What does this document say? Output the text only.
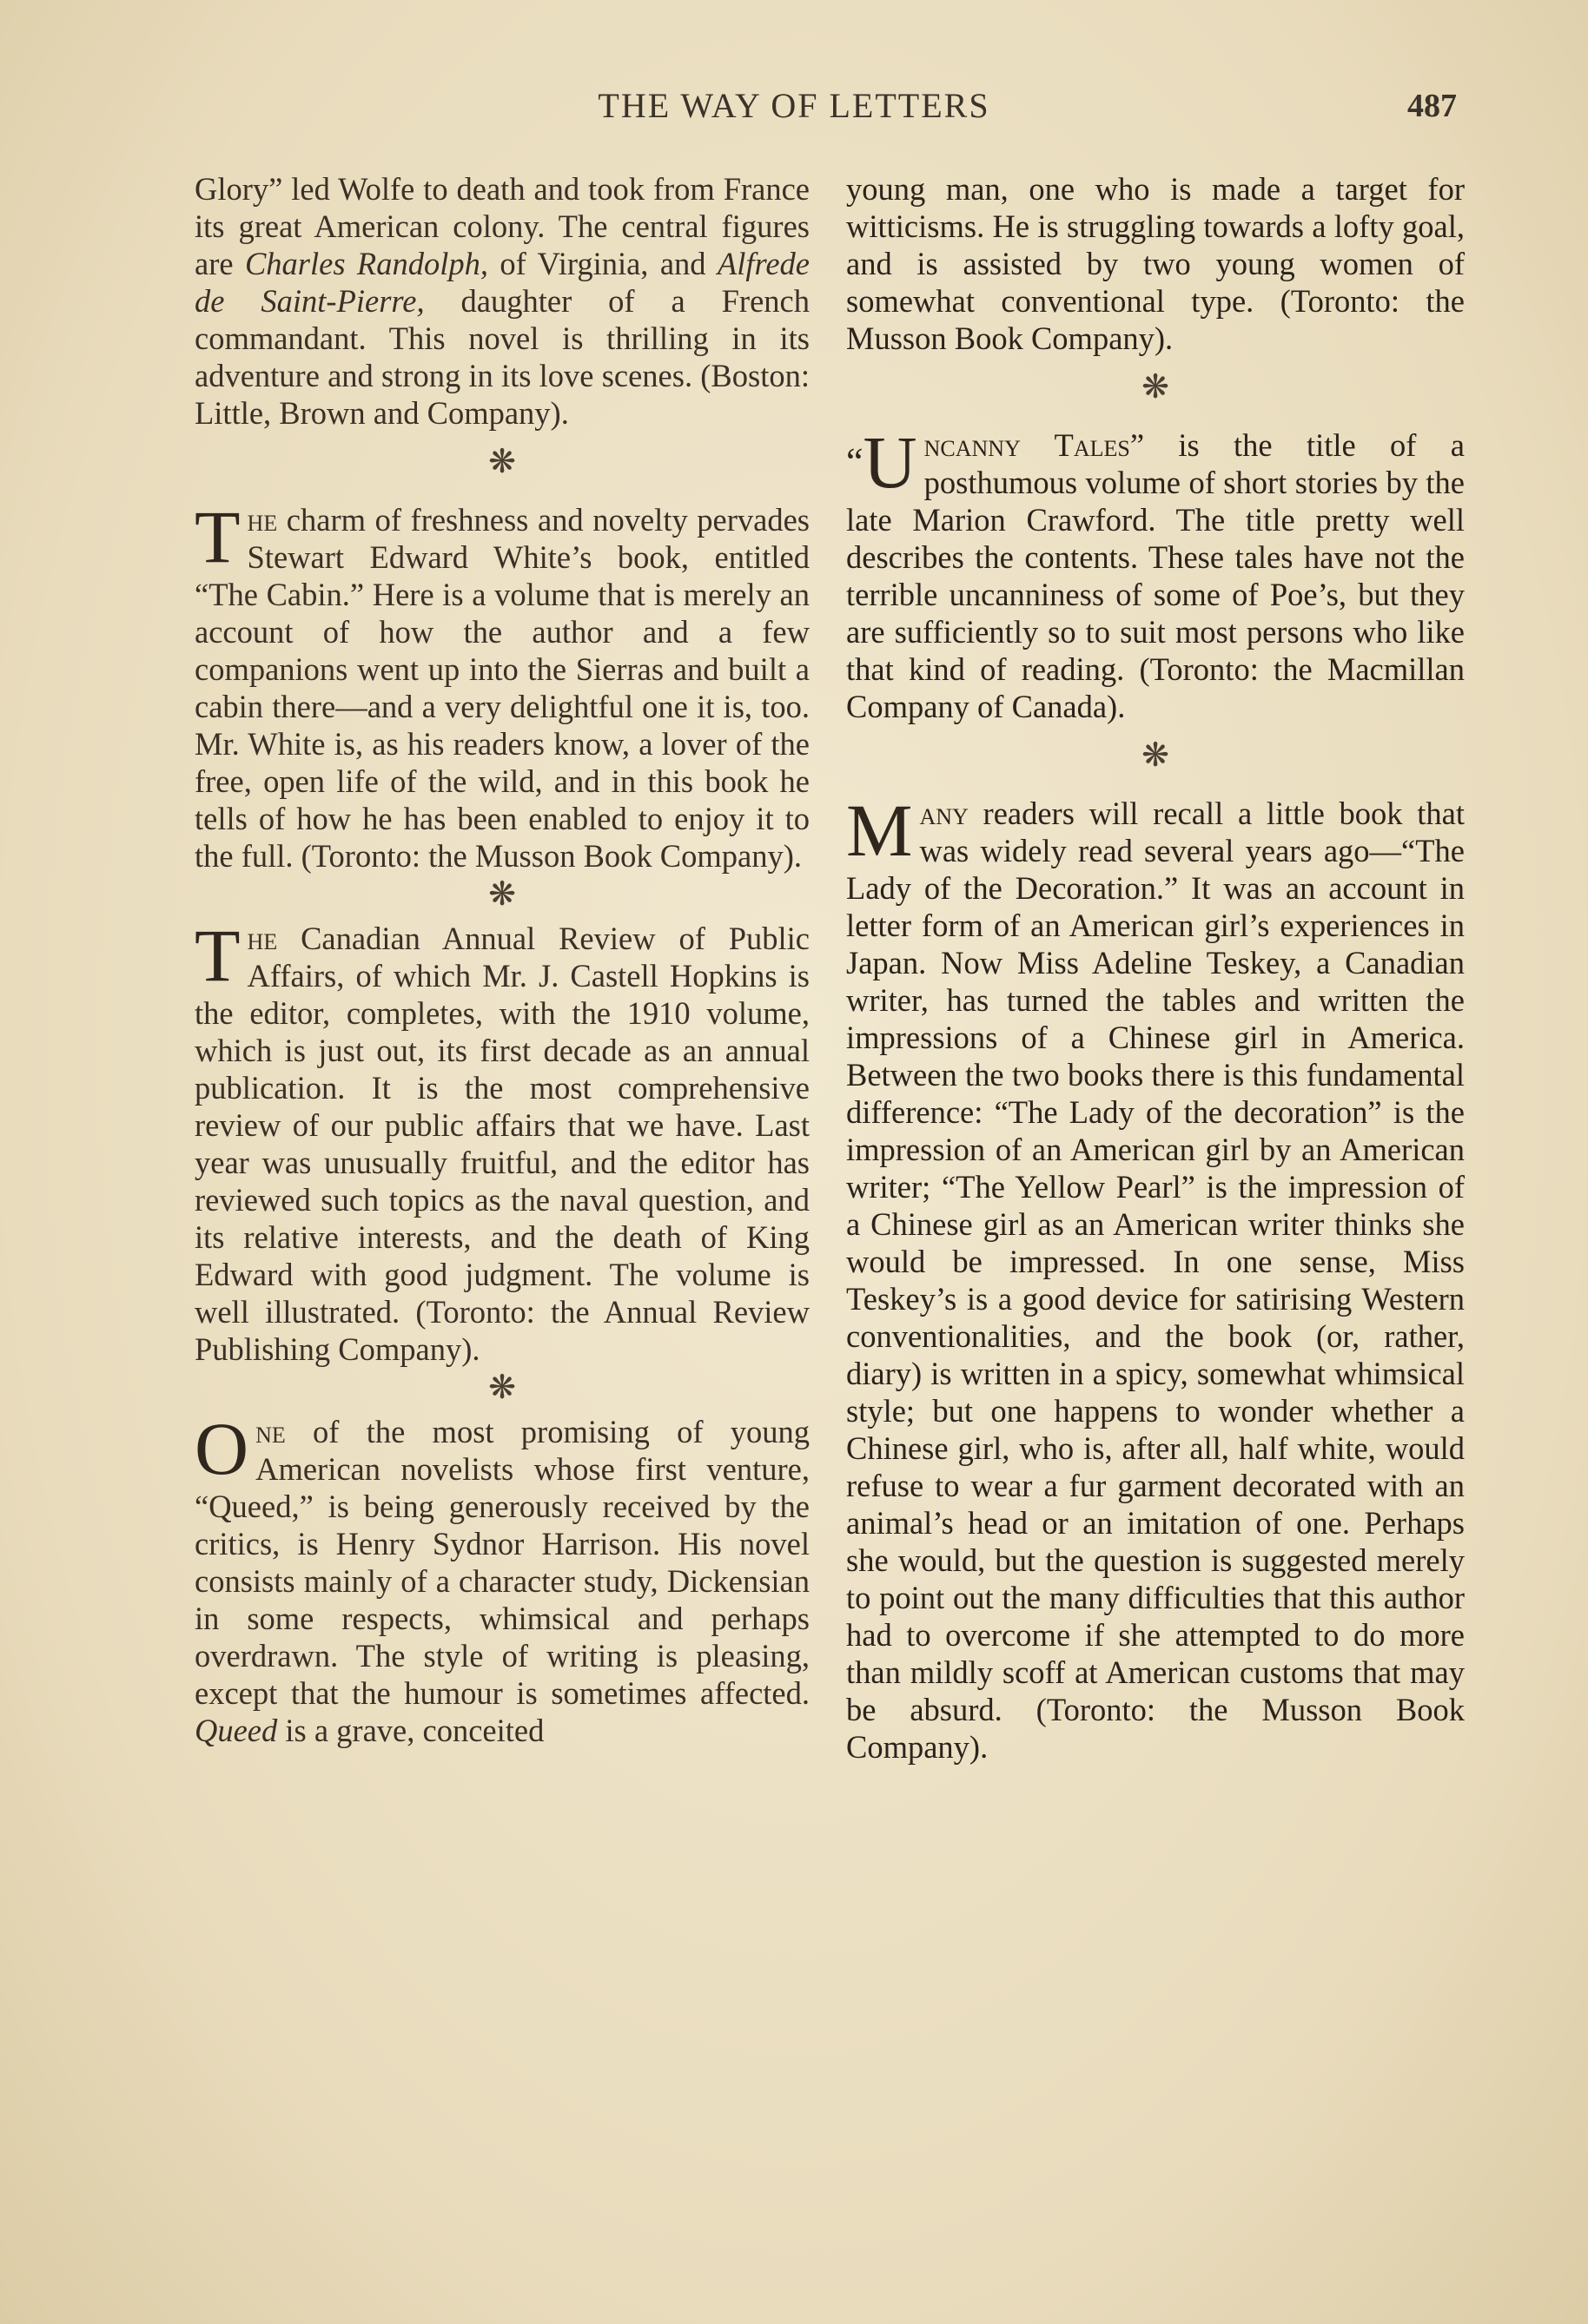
THE WAY OF LETTERS	487

Glory” led Wolfe to death and took from France its great American colony. The central figures are Charles Randolph, of Virginia, and Alfrede de Saint-Pierre, daughter of a French commandant. This novel is thrilling in its adventure and strong in its love scenes. (Boston: Little, Brown and Company).

❋

The charm of freshness and novelty pervades Stewart Edward White’s book, entitled “The Cabin.” Here is a volume that is merely an account of how the author and a few companions went up into the Sierras and built a cabin there—and a very delightful one it is, too. Mr. White is, as his readers know, a lover of the free, open life of the wild, and in this book he tells of how he has been enabled to enjoy it to the full. (Toronto: the Musson Book Company).

❋

The Canadian Annual Review of Public Affairs, of which Mr. J. Castell Hopkins is the editor, completes, with the 1910 volume, which is just out, its first decade as an annual publication. It is the most comprehensive review of our public affairs that we have. Last year was unusually fruitful, and the editor has reviewed such topics as the naval question, and its relative interests, and the death of King Edward with good judgment. The volume is well illustrated. (Toronto: the Annual Review Publishing Company).

❋

One of the most promising of young American novelists whose first venture, “Queed,” is being generously received by the critics, is Henry Sydnor Harrison. His novel consists mainly of a character study, Dickensian in some respects, whimsical and perhaps overdrawn. The style of writing is pleasing, except that the humour is sometimes affected. Queed is a grave, conceited

young man, one who is made a target for witticisms. He is struggling towards a lofty goal, and is assisted by two young women of somewhat conventional type. (Toronto: the Musson Book Company).

❋

“U ncanny Tales” is the title of a posthumous volume of short stories by the late Marion Crawford. The title pretty well describes the contents. These tales have not the terrible uncanniness of some of Poe’s, but they are sufficiently so to suit most persons who like that kind of reading. (Toronto: the Macmillan Company of Canada).

❋

Many readers will recall a little book that was widely read several years ago—“The Lady of the Decoration.” It was an account in letter form of an American girl’s experiences in Japan. Now Miss Adeline Teskey, a Canadian writer, has turned the tables and written the impressions of a Chinese girl in America. Between the two books there is this fundamental difference: “The Lady of the decoration” is the impression of an American girl by an American writer; “The Yellow Pearl” is the impression of a Chinese girl as an American writer thinks she would be impressed. In one sense, Miss Teskey’s is a good device for satirising Western conventionalities, and the book (or, rather, diary) is written in a spicy, somewhat whimsical style; but one happens to wonder whether a Chinese girl, who is, after all, half white, would refuse to wear a fur garment decorated with an animal’s head or an imitation of one. Perhaps she would, but the question is suggested merely to point out the many difficulties that this author had to overcome if she attempted to do more than mildly scoff at American customs that may be absurd. (Toronto: the Musson Book Company).
